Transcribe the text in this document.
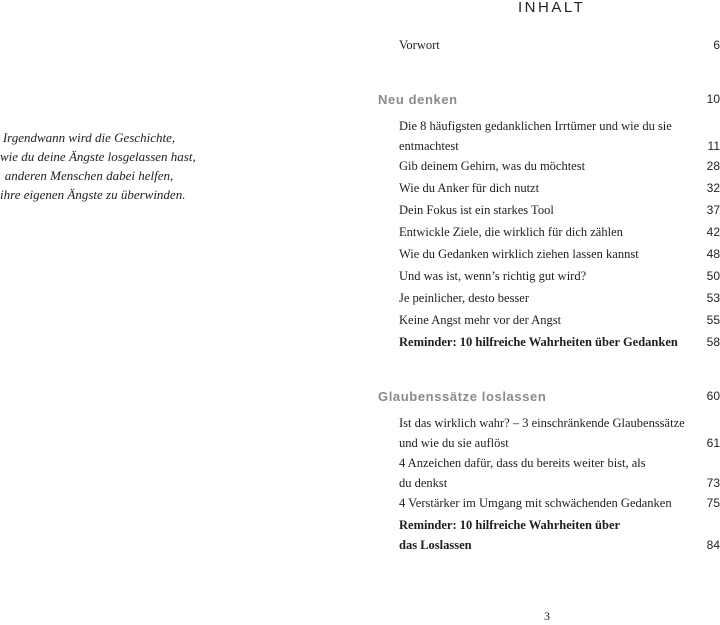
INHALT
Irgendwann wird die Geschichte,
wie du deine Ängste losgelassen hast,
anderen Menschen dabei helfen,
ihre eigenen Ängste zu überwinden.
Vorwort	6
Neu denken	10
Die 8 häufigsten gedanklichen Irrtümer und wie du sie
entmachtest	11
Gib deinem Gehirn, was du möchtest	28
Wie du Anker für dich nutzt	32
Dein Fokus ist ein starkes Tool	37
Entwickle Ziele, die wirklich für dich zählen	42
Wie du Gedanken wirklich ziehen lassen kannst	48
Und was ist, wenn’s richtig gut wird?	50
Je peinlicher, desto besser	53
Keine Angst mehr vor der Angst	55
Reminder: 10 hilfreiche Wahrheiten über Gedanken	58
Glaubenssätze loslassen	60
Ist das wirklich wahr? – 3 einschränkende Glaubenssätze
und wie du sie auflöst	61
4 Anzeichen dafür, dass du bereits weiter bist, als
du denkst	73
4 Verstärker im Umgang mit schwächenden Gedanken	75
Reminder: 10 hilfreiche Wahrheiten über
das Loslassen	84
3
